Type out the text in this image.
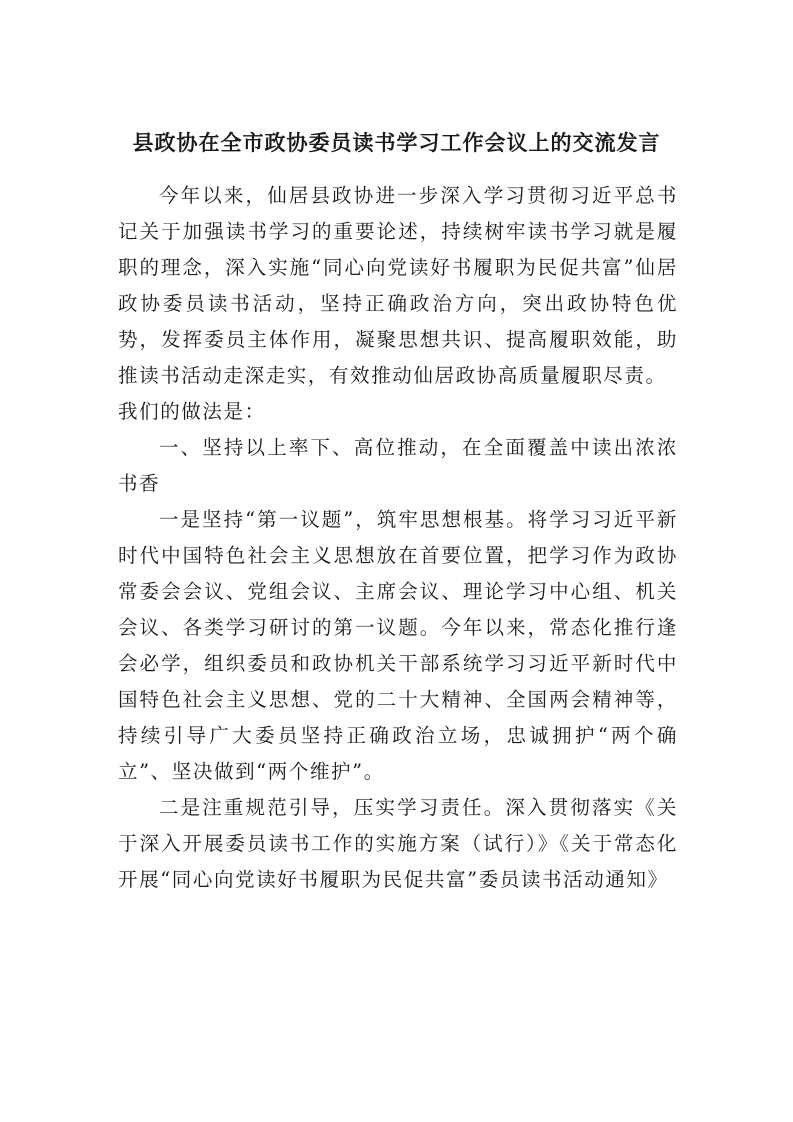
县政协在全市政协委员读书学习工作会议上的交流发言

今年以来，仙居县政协进一步深入学习贯彻习近平总书记关于加强读书学习的重要论述，持续树牢读书学习就是履职的理念，深入实施“同心向党读好书履职为民促共富”仙居政协委员读书活动，坚持正确政治方向，突出政协特色优势，发挥委员主体作用，凝聚思想共识、提高履职效能，助推读书活动走深走实，有效推动仙居政协高质量履职尽责。

我们的做法是：

一、坚持以上率下、高位推动，在全面覆盖中读出浓浓书香

一是坚持“第一议题”，筑牢思想根基。将学习习近平新时代中国特色社会主义思想放在首要位置，把学习作为政协常委会会议、党组会议、主席会议、理论学习中心组、机关会议、各类学习研讨的第一议题。今年以来，常态化推行逢会必学，组织委员和政协机关干部系统学习习近平新时代中国特色社会主义思想、党的二十大精神、全国两会精神等，持续引导广大委员坚持正确政治立场，忠诚拥护“两个确立”、坚决做到“两个维护”。

二是注重规范引导，压实学习责任。深入贯彻落实《关于深入开展委员读书工作的实施方案（试行）》《关于常态化开展“同心向党读好书履职为民促共富”委员读书活动通知》
